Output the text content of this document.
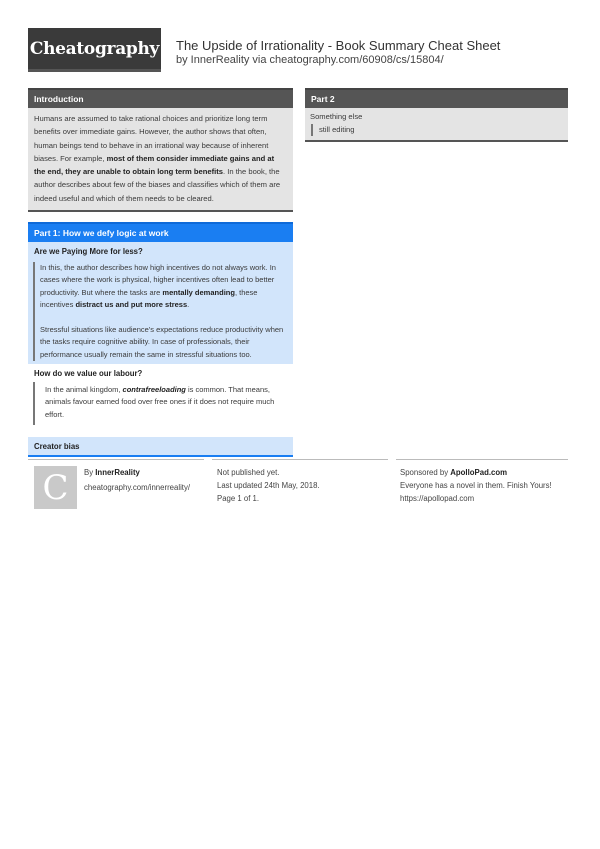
Cheatography The Upside of Irrationality - Book Summary Cheat Sheet
by InnerReality via cheatography.com/60908/cs/15804/
Introduction
Humans are assumed to take rational choices and prioritize long term benefits over immediate gains. However, the author shows that often, human beings tend to behave in an irrational way because of inherent biases. For example, most of them consider immediate gains and at the end, they are unable to obtain long term benefits. In the book, the author describes about few of the biases and classifies which of them are indeed useful and which of them needs to be cleared.
Part 1: How we defy logic at work
Are we Paying More for less?
In this, the author describes how high incentives do not always work. In cases where the work is physical, higher incentives often lead to better productivity. But where the tasks are mentally demanding, these incentives distract us and put more stress.
Stressful situations like audience's expectations reduce productivity when the tasks require cognitive ability. In case of professionals, their performance usually remain the same in stressful situations too.
How do we value our labour?
In the animal kingdom, contrafreeloading is common. That means, animals favour earned food over free ones if it does not require much effort.
Creator bias
Part 2
Something else
still editing
C By InnerReality
cheatography.com/innerreality/
Not published yet.
Last updated 24th May, 2018.
Page 1 of 1.
Sponsored by ApolloPad.com
Everyone has a novel in them. Finish Yours!
https://apollopad.com
